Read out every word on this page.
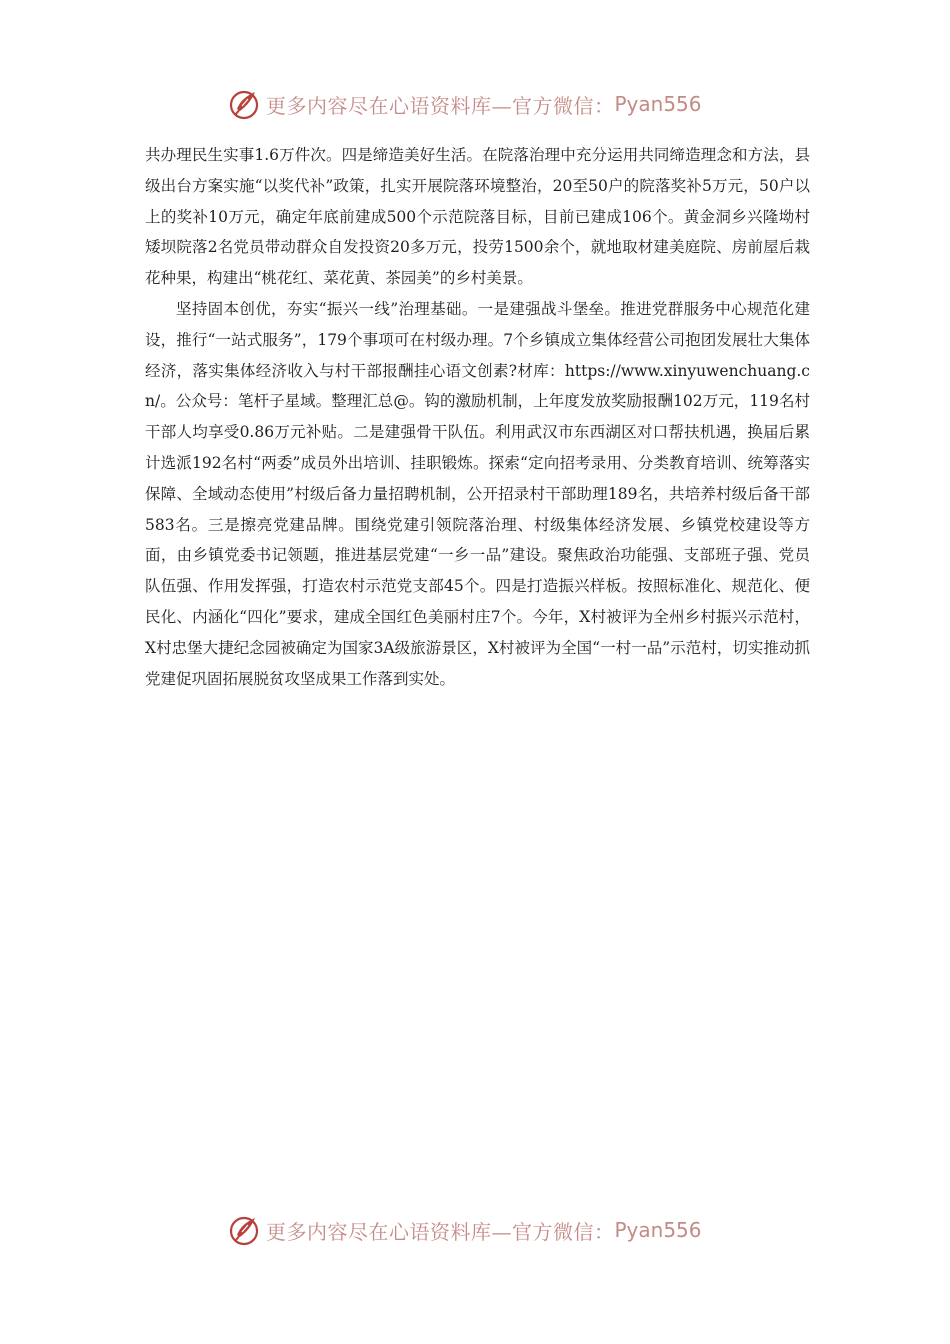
更多内容尽在心语资料库—官方微信： Pyan556

共办理民生实事1.6万件次。四是缔造美好生活。在院落治理中充分运用共同缔造理念和方法，县级出台方案实施“以奖代补”政策，扎实开展院落环境整治，20至50户的院落奖补5万元，50户以上的奖补10万元，确定年底前建成500个示范院落目标，目前已建成106个。黄金洞乡兴隆坳村矮坝院落2名党员带动群众自发投资20多万元，投劳1500余个，就地取材建美庭院、房前屋后栽花种果，构建出“桃花红、菜花黄、茶园美”的乡村美景。

坚持固本创优，夯实“振兴一线”治理基础。一是建强战斗堡垒。推进党群服务中心规范化建设，推行“一站式服务”，179个事项可在村级办理。7个乡镇成立集体经营公司抱团发展壮大集体经济，落实集体经济收入与村干部报酬挂心语文创素?材库：https://www.xinyuwenchuang.cn/。公众号：笔杆子星域。整理汇总@。钩的激励机制，上年度发放奖励报酬102万元，119名村干部人均享受0.86万元补贴。二是建强骨干队伍。利用武汉市东西湖区对口帮扶机遇，换届后累计选派192名村“两委”成员外出培训、挂职锻炼。探索“定向招考录用、分类教育培训、统筹落实保障、全域动态使用”村级后备力量招聘机制，公开招录村干部助理189名，共培养村级后备干部583名。三是擦亮党建品牌。围绕党建引领院落治理、村级集体经济发展、乡镇党校建设等方面，由乡镇党委书记领题，推进基层党建“一乡一品”建设。聚焦政治功能强、支部班子强、党员队伍强、作用发挥强，打造农村示范党支部45个。四是打造振兴样板。按照标准化、规范化、便民化、内涵化“四化”要求，建成全国红色美丽村庄7个。今年，X村被评为全州乡村振兴示范村，X村忠堡大捷纪念园被确定为国家3A级旅游景区，X村被评为全国“一村一品”示范村，切实推动抓党建促巩固拓展脱贫攻坚成果工作落到实处。

更多内容尽在心语资料库—官方微信： Pyan556
